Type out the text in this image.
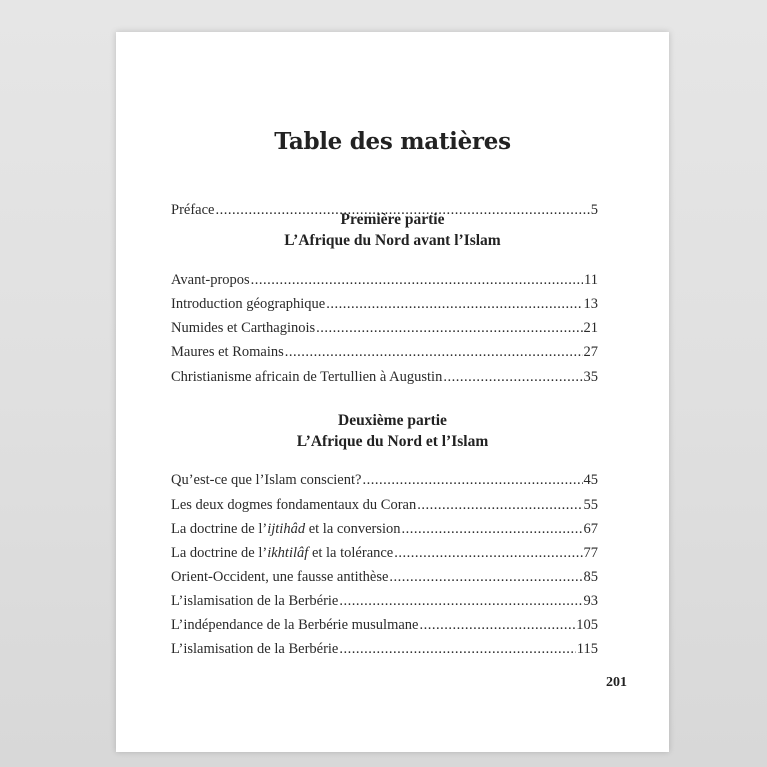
Table des matières
Préface .....	5
Première partie
L’Afrique du Nord avant l’Islam
Avant-propos .....	11
Introduction géographique .....	13
Numides et Carthaginois .....	21
Maures et Romains .....	27
Christianisme africain de Tertullien à Augustin .....	35
Deuxième partie
L’Afrique du Nord et l’Islam
Qu’est-ce que l’Islam conscient? .....	45
Les deux dogmes fondamentaux du Coran .....	55
La doctrine de l’ijtihâd et la conversion .....	67
La doctrine de l’ikhtilâf et la tolérance .....	77
Orient-Occident, une fausse antithèse .....	85
L’islamisation de la Berbérie .....	93
L’indépendance de la Berbérie musulmane .....	105
L’islamisation de la Berbérie .....	115
201
